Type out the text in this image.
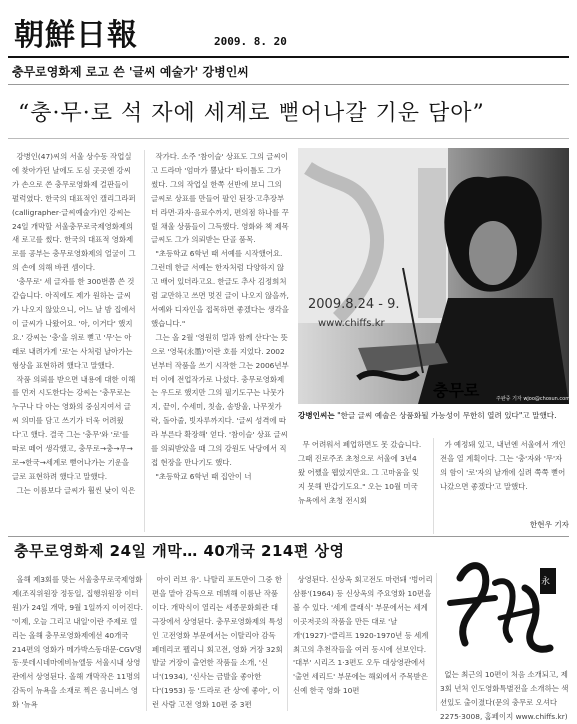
朝鮮日報	2009. 8. 20
충무로영화제 로고 쓴 '글씨 예술가' 강병인씨
“충·무·로 석 자에 세계로 뻗어나갈 기운 담아”

강병인(47)씨의 서울 상수동 작업실에 찾아가던 날에도 도심 곳곳엔 강씨가 손으로 쓴 충무로영화제 걸판들이 펄럭였다. 한국의 대표적인 캘리그라퍼(calligrapher·글씨예술가)인 강씨는 24일 개막할 서울충무로국제영화제의 새 로고를 썼다. 한국의 대표적 영화제로를 공부는 충무로영화제의 얼굴이 그의 손에 의해 바뀐 셈이다.

'충무로' 세 글자를 한 300번쯤 쓴 것 같습니다. 아직에도 제가 원하는 글씨가 나오지 않았으니, 어느 날 밤 집에서 이 글씨가 나왔어요. '아, 이거다' 했지요.' 강씨는 '충'을 위로 뻗고 '무'는 아래로 내려가게 '로'는 사처럼 날아가는 형상을 표현하려 했다고 말했다.

작품 의뢰를 받으면 내용에 대한 이해를 먼저 시도한다는 강씨는 '충무로는 누구나 다 아는 영화의 중심지여서 글씨 의미를 담고 쓰기가 더욱 어려웠다'고 했다. 결국 그는 '충무'와 '로'를 따로 떼어 생각했고, 충무로→충→무→로→한국→세계로 뻗어나가는 기운을 글로 표현하려 했다고 말했다.

그는 이름보다 글씨가 훨씬 낮이 익은

작가다. 소주 '참이슬' 상표도 그의 글씨이고 드라마 '엄마가 뿔났다' 타이틀도 그가 썼다. 그의 작업실 한쪽 선반에 보니 그의 글씨로 상표를 만들어 팔인 된장·고추장부터 라면·과자·음료수까지, 편의점 하나를 꾸릴 채울 상품들이 그득했다. 영화와 책 제목 글씨도 그가 의뢰받는 단골 품목.

"초등학교 6학년 때 서예를 시작했어요. 그런데 한글 서예는 한자처럼 다양하지 않고 배어 있더라고요. 한글도 추사 김정희처럼 교만하고 쓰면 멋진 글이 나오지 않을까, 서예와 디자인을 접목하면 좋겠다는 생각을 했습니다."

그는 올 2월 '영원히 멀과 함께 산다'는 뜻으로 '영묵(永墨)'이란 호를 지었다. 2002년부터 작품을 쓰기 시작한 그는 2006년부터 이에 전업작가로 나섰다. 충무로영화제는 우드로 했지만 그의 필기도구는 나뭇가지, 끝이, 수세미, 칫솔, 솜방울, 나무젓가락, 돌아줄, 빗자루까지다. '글씨 성격에 따라 부른다 확장해' 얻다. '참이슬' 상표 글씨를 의뢰받았을 때 그의 강원도 낙당에서 직접 현장을 만나기도 했다.

"초등학교 6학년 때 집안이 너

2009.8.24 - 9.
www.chiffs.kr
충무로	주완중 기자 wjoo@chosun.com
강병인씨는 "한글 글씨 예술은 상품화될 가능성이 무한히 열려 있다"고 말했다.

무 어려워서 폐업하면도 못 갔습니다. 그때 진로주조 초청으로 서울에 3년4 왔 어쨌을 웹었지만요. 그 고마움을 잊지 못해 반갑기도요." 오는 10월 미국 뉴욕에서 초청 전시회

가 예정돼 있고, 내년엔 서울에서 개인전을 열 계획이다. 그는 '충'자와 '무'자의 함이 '로'자의 날개에 실려 쭉쭉 뻗어나갔으면 좋겠다'고 말했다.

한현우 기자
충무로영화제 24일 개막… 40개국 214편 상영
永

올해 제3회를 맞는 서울충무로국제영화제(조직위원장 정동일, 집행위원장 이터원)가 24일 개막, 9월 1일까지 이어진다. '이제, 오늘 그리고 내일'이란 주제로 열리는 올해 충무로영화제에선 40개국 214편의 영화가 메가박스동대문·CGV명동·롯데시네마에비뉴엘등 서울시내 상영관에서 상영된다. 올해 개막작은 11명의 감독이 뉴욕을 소재로 찍은 옴니버스 영화 '뉴욕

아이 러브 유'. 나탈리 포트만이 그중 한편을 맡아 감독으로 데뷔해 이름난 작품이다. 개막식이 열리는 세종문화회관 대극장에서 상영된다. 충무로영화제의 특성인 고전영화 부문에서는 이탈리아 감독 페데리코 펠리니 회고전, 영화 거장 32회 발굴 거장이 출연한 작품들 소개, '신녀'(1934), '신사는 금발을 좋아한다'(1953) 등 '드라로 관 상'에 좋아', 이런 사람 고전 영화 10편 중 3편

상영된다. 신상옥 회고전도 마련돼 '벙어리 삼룡'(1964) 등 신상옥의 주요영화 10편을 볼 수 있다. '세계 클래식' 부문에서는 세계 이곳저곳의 작품을 만든 대로 '날개'(1927)·'클리프 1920-1970년 등 세계 최고의 추천작들을 여러 동시에 선보인다. '대부' 시리즈 1·3편도 오두 대상영관에서 '출연 세리드' 부문에는 해외에서 주목받은 신예 한국 영화 10편

없는 최근의 10편이 처음 소개되고, 제3회 년처 인도영화특별전을 소개하는 색션있도 출이졌다(문의 충무로 오셔다 2275·3008, 홈페이지 www.chiffs.kr)
